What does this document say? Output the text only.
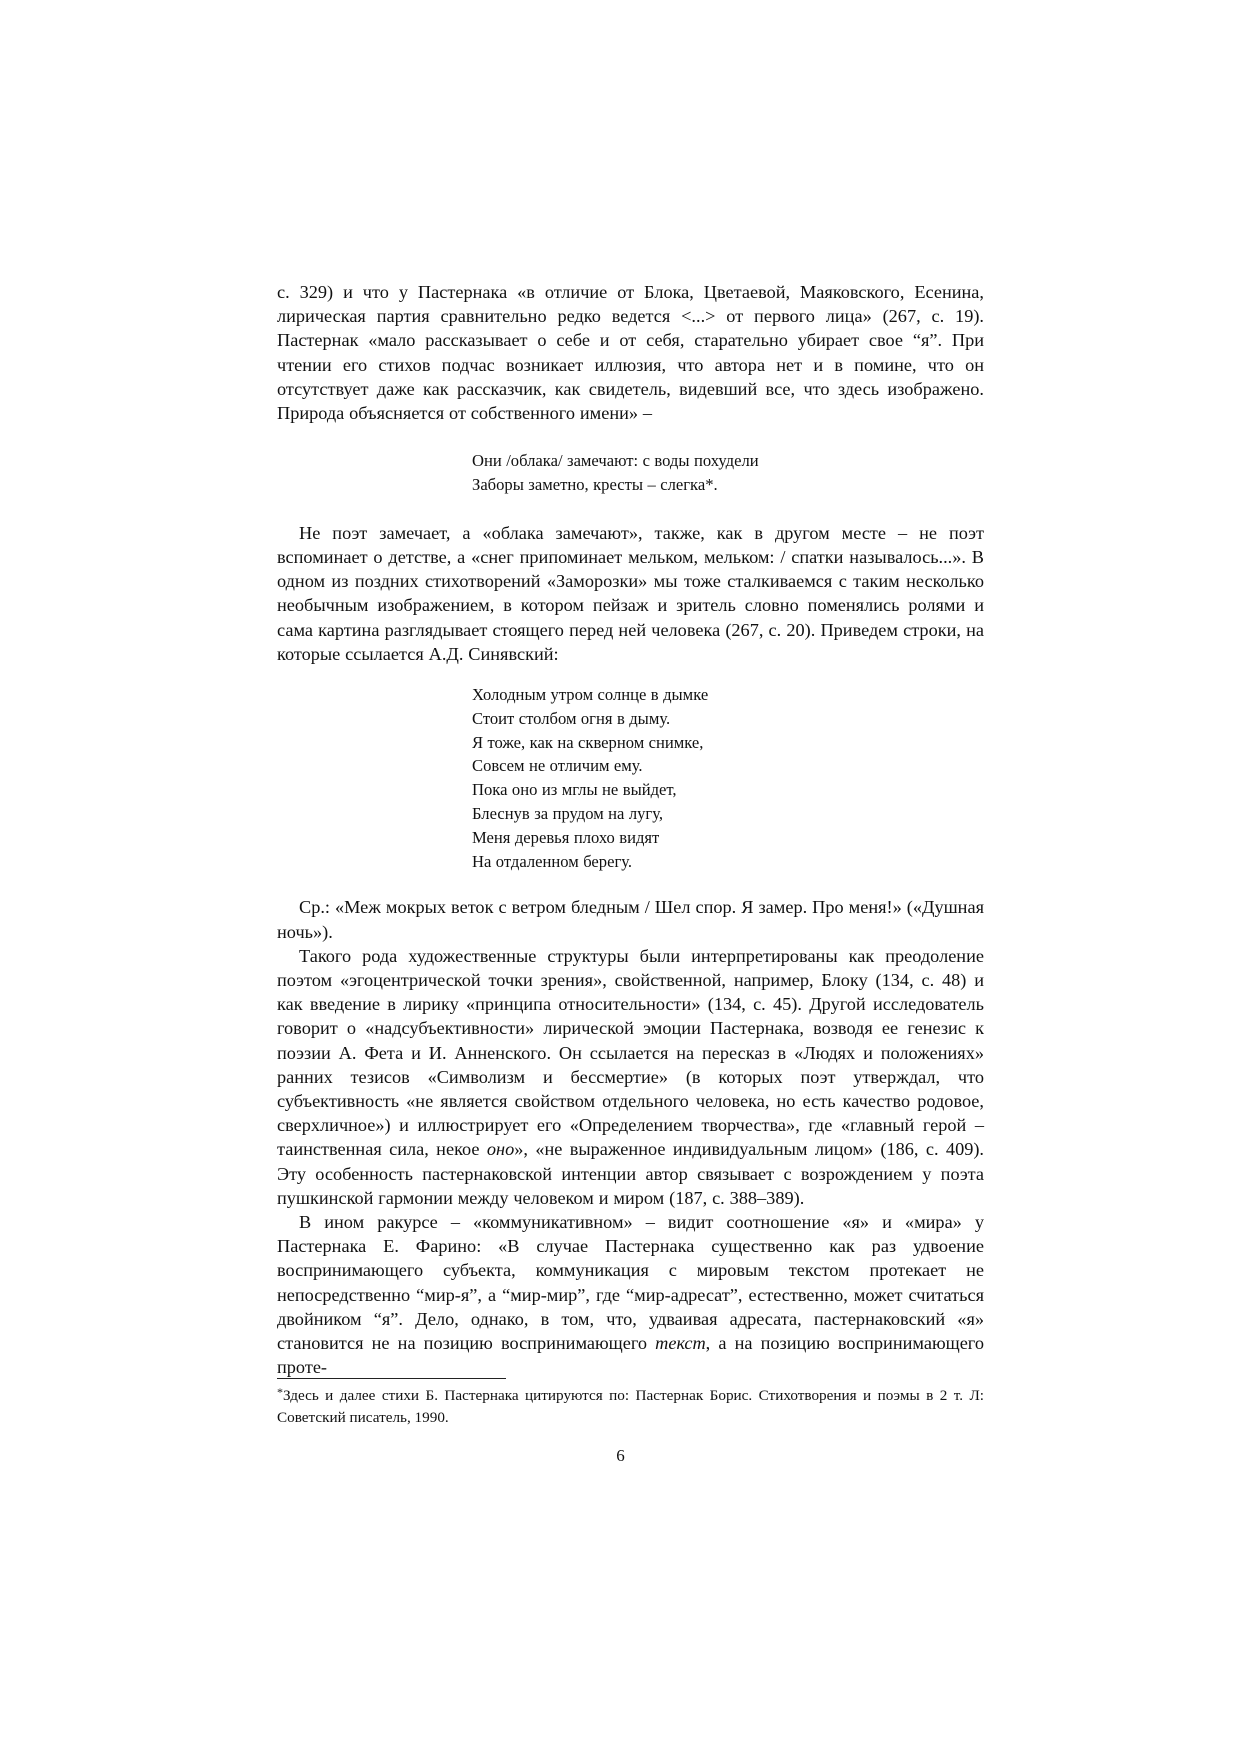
с. 329) и что у Пастернака «в отличие от Блока, Цветаевой, Маяковского, Есенина, лирическая партия сравнительно редко ведется <...> от первого лица» (267, с. 19). Пастернак «мало рассказывает о себе и от себя, старательно убирает свое “я”. При чтении его стихов подчас возникает иллюзия, что автора нет и в помине, что он отсутствует даже как рассказчик, как свидетель, видевший все, что здесь изображено. Природа объясняется от собственного имени» –

Они /облака/ замечают: с воды похудели
Заборы заметно, кресты – слегка*.

Не поэт замечает, а «облака замечают», также, как в другом месте – не поэт вспоминает о детстве, а «снег припоминает мельком, мельком: / спатки называлось...». В одном из поздних стихотворений «Заморозки» мы тоже сталкиваемся с таким несколько необычным изображением, в котором пейзаж и зритель словно поменялись ролями и сама картина разглядывает стоящего перед ней человека (267, с. 20). Приведем строки, на которые ссылается А.Д. Синявский:

Холодным утром солнце в дымке
Стоит столбом огня в дыму.
Я тоже, как на скверном снимке,
Совсем не отличим ему.
Пока оно из мглы не выйдет,
Блеснув за прудом на лугу,
Меня деревья плохо видят
На отдаленном берегу.

Ср.: «Меж мокрых веток с ветром бледным / Шел спор. Я замер. Про меня!» («Душная ночь»).

Такого рода художественные структуры были интерпретированы как преодоление поэтом «эгоцентрической точки зрения», свойственной, например, Блоку (134, с. 48) и как введение в лирику «принципа относительности» (134, с. 45). Другой исследователь говорит о «надсубъективности» лирической эмоции Пастернака, возводя ее генезис к поэзии А. Фета и И. Анненского. Он ссылается на пересказ в «Людях и положениях» ранних тезисов «Символизм и бессмертие» (в которых поэт утверждал, что субъективность «не является свойством отдельного человека, но есть качество родовое, сверхличное») и иллюстрирует его «Определением творчества», где «главный герой – таинственная сила, некое оно», «не выраженное индивидуальным лицом» (186, с. 409). Эту особенность пастернаковской интенции автор связывает с возрождением у поэта пушкинской гармонии между человеком и миром (187, с. 388–389).

В ином ракурсе – «коммуникативном» – видит соотношение «я» и «мира» у Пастернака Е. Фарино: «В случае Пастернака существенно как раз удвоение воспринимающего субъекта, коммуникация с мировым текстом протекает не непосредственно “мир-я”, а “мир-мир”, где “мир-адресат”, естественно, может считаться двойником “я”. Дело, однако, в том, что, удваивая адресата, пастернаковский «я» становится не на позицию воспринимающего текст, а на позицию воспринимающего проте-

*Здесь и далее стихи Б. Пастернака цитируются по: Пастернак Борис. Стихотворения и поэмы в 2 т. Л: Советский писатель, 1990.
6
